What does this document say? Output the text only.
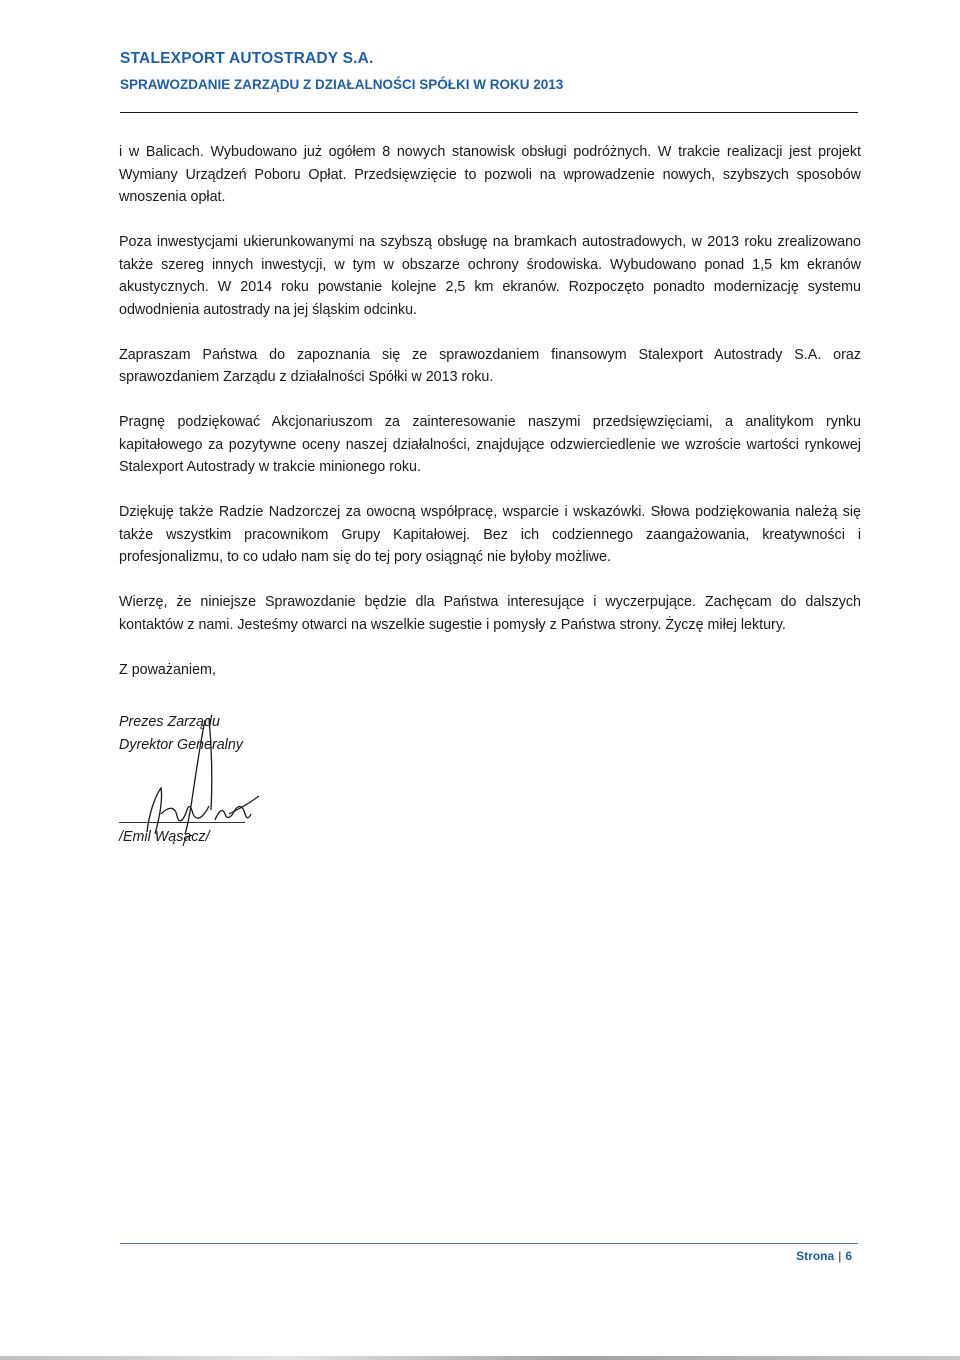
STALEXPORT AUTOSTRADY S.A.
SPRAWOZDANIE ZARZĄDU Z DZIAŁALNOŚCI SPÓŁKI W ROKU 2013

i w Balicach. Wybudowano już ogółem 8 nowych stanowisk obsługi podróżnych. W trakcie realizacji jest projekt Wymiany Urządzeń Poboru Opłat. Przedsięwzięcie to pozwoli na wprowadzenie nowych, szybszych sposobów wnoszenia opłat.

Poza inwestycjami ukierunkowanymi na szybszą obsługę na bramkach autostradowych, w 2013 roku zrealizowano także szereg innych inwestycji, w tym w obszarze ochrony środowiska. Wybudowano ponad 1,5 km ekranów akustycznych. W 2014 roku powstanie kolejne 2,5 km ekranów. Rozpoczęto ponadto modernizację systemu odwodnienia autostrady na jej śląskim odcinku.

Zapraszam Państwa do zapoznania się ze sprawozdaniem finansowym Stalexport Autostrady S.A. oraz sprawozdaniem Zarządu z działalności Spółki w 2013 roku.

Pragnę podziękować Akcjonariuszom za zainteresowanie naszymi przedsięwzięciami, a analitykom rynku kapitałowego za pozytywne oceny naszej działalności, znajdujące odzwierciedlenie we wzroście wartości rynkowej Stalexport Autostrady w trakcie minionego roku.

Dziękuję także Radzie Nadzorczej za owocną współpracę, wsparcie i wskazówki. Słowa podziękowania należą się także wszystkim pracownikom Grupy Kapitałowej. Bez ich codziennego zaangażowania, kreatywności i profesjonalizmu, to co udało nam się do tej pory osiągnąć nie byłoby możliwe.

Wierzę, że niniejsze Sprawozdanie będzie dla Państwa interesujące i wyczerpujące. Zachęcam do dalszych kontaktów z nami. Jesteśmy otwarci na wszelkie sugestie i pomysły z Państwa strony. Życzę miłej lektury.

Z poważaniem,

Prezes Zarządu
Dyrektor Generalny
/Emil Wąsacz/
Strona | 6
